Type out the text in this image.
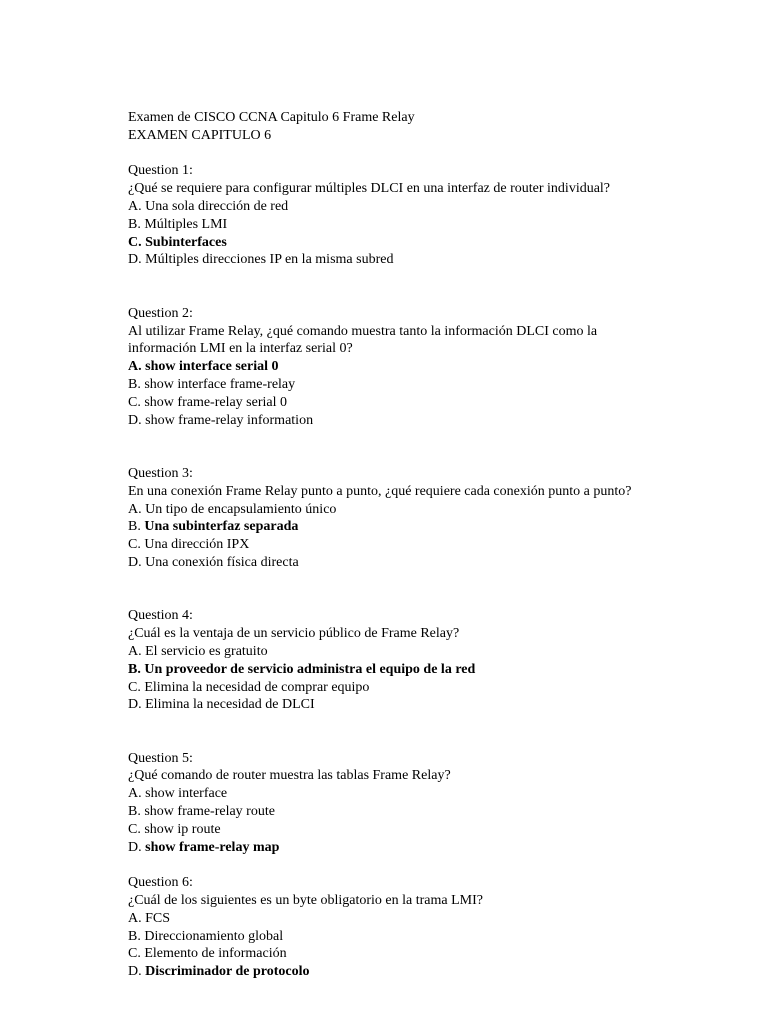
Examen de CISCO CCNA Capitulo 6 Frame Relay
EXAMEN CAPITULO 6
Question 1:
¿Qué se requiere para configurar múltiples DLCI en una interfaz de router individual?
A. Una sola dirección de red
B. Múltiples LMI
C. Subinterfaces
D. Múltiples direcciones IP en la misma subred
Question 2:
Al utilizar Frame Relay, ¿qué comando muestra tanto la información DLCI como la
información LMI en la interfaz serial 0?
A. show interface serial 0
B. show interface frame-relay
C. show frame-relay serial 0
D. show frame-relay information
Question 3:
En una conexión Frame Relay punto a punto, ¿qué requiere cada conexión punto a punto?
A. Un tipo de encapsulamiento único
B. Una subinterfaz separada
C. Una dirección IPX
D. Una conexión física directa
Question 4:
¿Cuál es la ventaja de un servicio público de Frame Relay?
A. El servicio es gratuito
B. Un proveedor de servicio administra el equipo de la red
C. Elimina la necesidad de comprar equipo
D. Elimina la necesidad de DLCI
Question 5:
¿Qué comando de router muestra las tablas Frame Relay?
A. show interface
B. show frame-relay route
C. show ip route
D. show frame-relay map
Question 6:
¿Cuál de los siguientes es un byte obligatorio en la trama LMI?
A. FCS
B. Direccionamiento global
C. Elemento de información
D. Discriminador de protocolo
